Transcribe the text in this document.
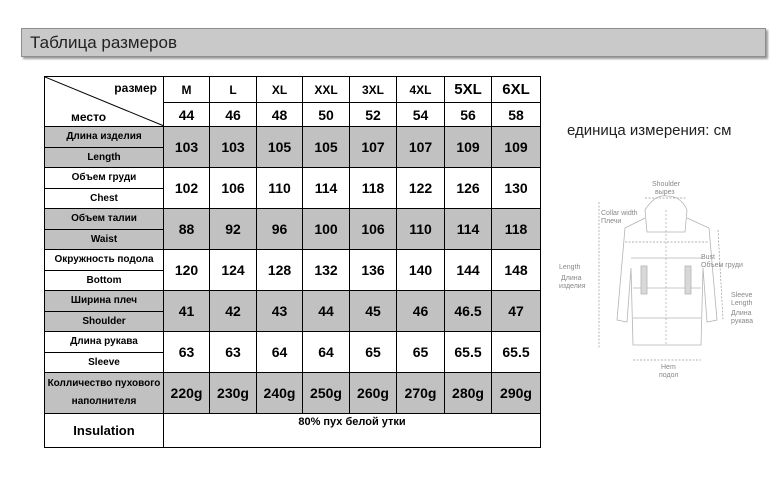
Таблица размеров
размер
место	M	L	XL	XXL	3XL	4XL	5XL	6XL
	44	46	48	50	52	54	56	58

Длина изделия
Length	103	103	105	105	107	107	109	109

Объем груди
Chest	102	106	110	114	118	122	126	130

Объем талии
Waist	88	92	96	100	106	110	114	118

Окружность подола
Bottom	120	124	128	132	136	140	144	148

Ширина плеч
Shoulder	41	42	43	44	45	46	46.5	47

Длина рукава
Sleeve	63	63	64	64	65	65	65.5	65.5
Колличество пухового наполнителя	220g	230g	240g	250g	260g	270g	280g	290g
Insulation	80% пух белой утки							
единица измерения: см
Shoulder
вырез
Collar width
Плечи
Bust
Объем груди
Length
Длина
изделия
Sleeve
Length
Длина
рукава
Hem
подол
